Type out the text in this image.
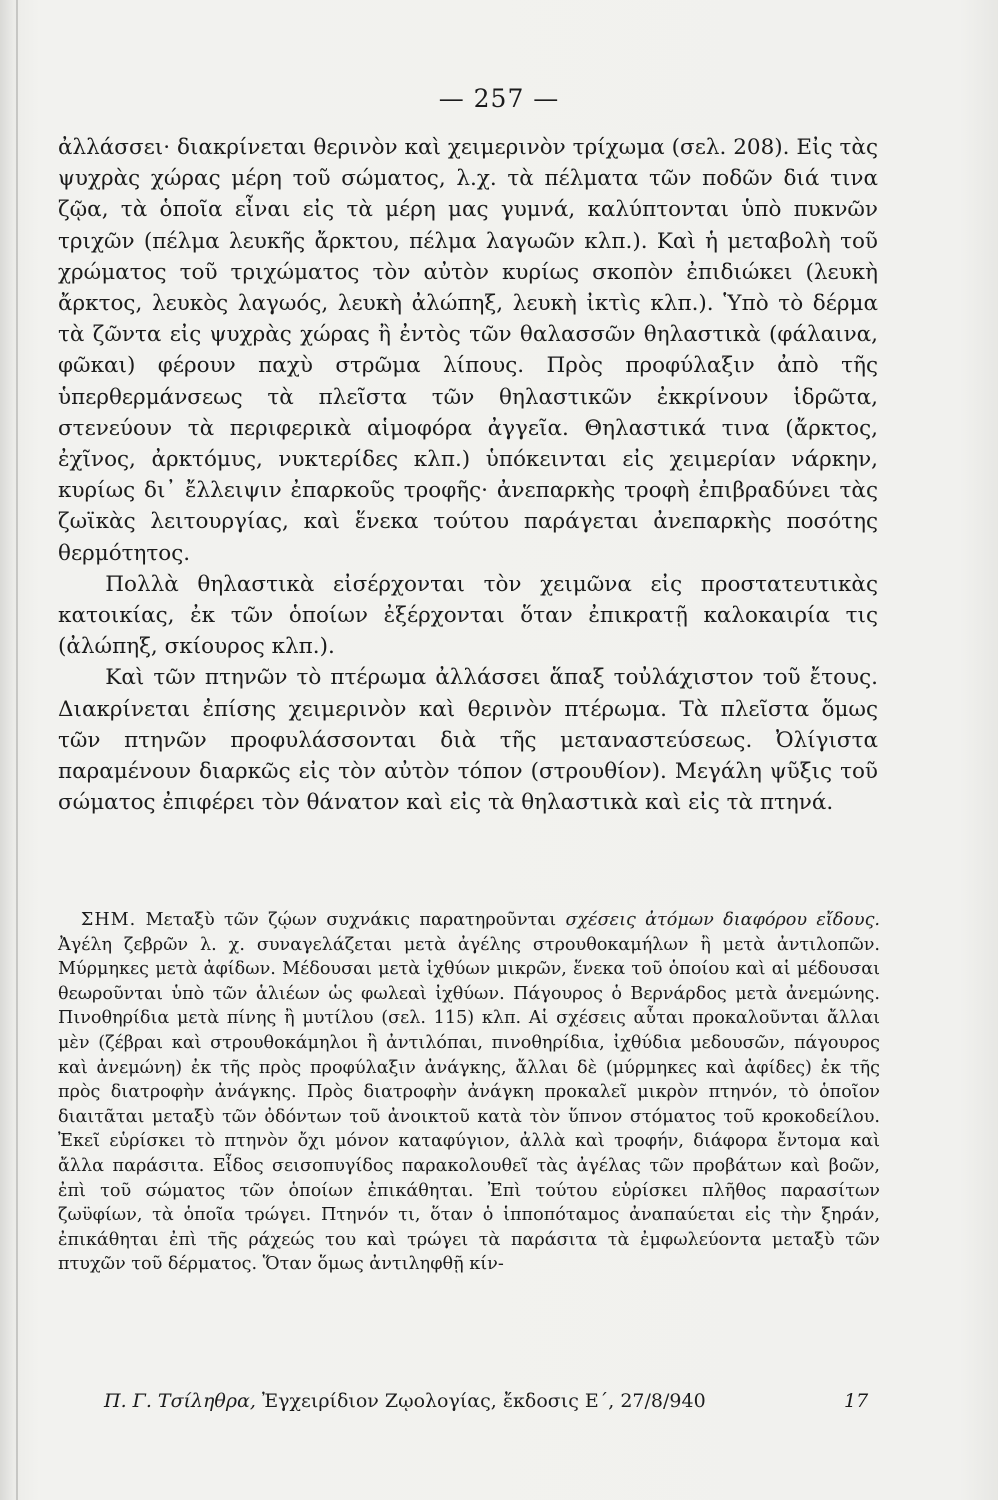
— 257 —

ἀλλάσσει· διακρίνεται θερινὸν καὶ χειμερινὸν τρίχωμα (σελ. 208). Εἰς τὰς ψυχρὰς χώρας μέρη τοῦ σώματος, λ.χ. τὰ πέλματα τῶν ποδῶν διά τινα ζῷα, τὰ ὁποῖα εἶναι εἰς τὰ μέρη μας γυμνά, καλύπτονται ὑπὸ πυκνῶν τριχῶν (πέλμα λευκῆς ἄρκτου, πέλμα λαγωῶν κλπ.). Καὶ ἡ μεταβολὴ τοῦ χρώματος τοῦ τριχώματος τὸν αὐτὸν κυρίως σκοπὸν ἐπιδιώκει (λευκὴ ἄρκτος, λευκὸς λαγωός, λευκὴ ἀλώπηξ, λευκὴ ἰκτὶς κλπ.). Ὑπὸ τὸ δέρμα τὰ ζῶντα εἰς ψυχρὰς χώρας ἢ ἐντὸς τῶν θαλασσῶν θηλαστικὰ (φάλαινα, φῶκαι) φέρουν παχὺ στρῶμα λίπους. Πρὸς προφύλαξιν ἀπὸ τῆς ὑπερθερμάνσεως τὰ πλεῖστα τῶν θηλαστικῶν ἐκκρίνουν ἱδρῶτα, στενεύουν τὰ περιφερικὰ αἱμοφόρα ἀγγεῖα. Θηλαστικά τινα (ἄρκτος, ἐχῖνος, ἀρκτόμυς, νυκτερίδες κλπ.) ὑπόκεινται εἰς χειμερίαν νάρκην, κυρίως δι᾽ ἔλλειψιν ἐπαρκοῦς τροφῆς· ἀνεπαρκὴς τροφὴ ἐπιβραδύνει τὰς ζωϊκὰς λειτουργίας, καὶ ἕνεκα τούτου παράγεται ἀνεπαρκὴς ποσότης θερμότητος.

Πολλὰ θηλαστικὰ εἰσέρχονται τὸν χειμῶνα εἰς προστατευτικὰς κατοικίας, ἐκ τῶν ὁποίων ἐξέρχονται ὅταν ἐπικρατῇ καλοκαιρία τις (ἀλώπηξ, σκίουρος κλπ.).

Καὶ τῶν πτηνῶν τὸ πτέρωμα ἀλλάσσει ἅπαξ τοὐλάχιστον τοῦ ἔτους. Διακρίνεται ἐπίσης χειμερινὸν καὶ θερινὸν πτέρωμα. Τὰ πλεῖστα ὅμως τῶν πτηνῶν προφυλάσσονται διὰ τῆς μεταναστεύσεως. Ὀλίγιστα παραμένουν διαρκῶς εἰς τὸν αὐτὸν τόπον (στρουθίον). Μεγάλη ψῦξις τοῦ σώματος ἐπιφέρει τὸν θάνατον καὶ εἰς τὰ θηλαστικὰ καὶ εἰς τὰ πτηνά.

ΣΗΜ. Μεταξὺ τῶν ζῴων συχνάκις παρατηροῦνται σχέσεις ἀτόμων διαφόρου εἴδους. Ἀγέλη ζεβρῶν λ. χ. συναγελάζεται μετὰ ἀγέλης στρουθοκαμήλων ἢ μετὰ ἀντιλοπῶν. Μύρμηκες μετὰ ἀφίδων. Μέδουσαι μετὰ ἰχθύων μικρῶν, ἕνεκα τοῦ ὁποίου καὶ αἱ μέδουσαι θεωροῦνται ὑπὸ τῶν ἁλιέων ὡς φωλεαὶ ἰχθύων. Πάγουρος ὁ Βερνάρδος μετὰ ἀνεμώνης. Πινοθηρίδια μετὰ πίνης ἢ μυτίλου (σελ. 115) κλπ. Αἱ σχέσεις αὗται προκαλοῦνται ἄλλαι μὲν (ζέβραι καὶ στρουθοκάμηλοι ἢ ἀντιλόπαι, πινοθηρίδια, ἰχθύδια μεδουσῶν, πάγουρος καὶ ἀνεμώνη) ἐκ τῆς πρὸς προφύλαξιν ἀνάγκης, ἄλλαι δὲ (μύρμηκες καὶ ἀφίδες) ἐκ τῆς πρὸς διατροφὴν ἀνάγκης. Πρὸς διατροφὴν ἀνάγκη προκαλεῖ μικρὸν πτηνόν, τὸ ὁποῖον διαιτᾶται μεταξὺ τῶν ὀδόντων τοῦ ἀνοικτοῦ κατὰ τὸν ὕπνον στόματος τοῦ κροκοδείλου. Ἐκεῖ εὑρίσκει τὸ πτηνὸν ὄχι μόνον καταφύγιον, ἀλλὰ καὶ τροφήν, διάφορα ἔντομα καὶ ἄλλα παράσιτα. Εἶδος σεισοπυγίδος παρακολουθεῖ τὰς ἀγέλας τῶν προβάτων καὶ βοῶν, ἐπὶ τοῦ σώματος τῶν ὁποίων ἐπικάθηται. Ἐπὶ τούτου εὑρίσκει πλῆθος παρασίτων ζωϋφίων, τὰ ὁποῖα τρώγει. Πτηνόν τι, ὅταν ὁ ἱπποπόταμος ἀναπαύεται εἰς τὴν ξηράν, ἐπικάθηται ἐπὶ τῆς ράχεώς του καὶ τρώγει τὰ παράσιτα τὰ ἐμφωλεύοντα μεταξὺ τῶν πτυχῶν τοῦ δέρματος. Ὅταν ὅμως ἀντιληφθῇ κίν-

Π. Γ. Τσίληθρα, Ἐγχειρίδιον Ζῳολογίας, ἔκδοσις Ε΄, 27/8/940	17
